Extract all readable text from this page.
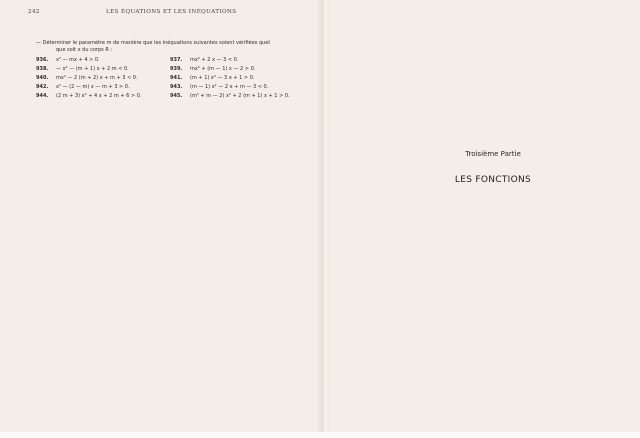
242	LES ÉQUATIONS ET LES INÉQUATIONS
— Déterminer le paramètre m de manière que les inéquations suivantes soient vérifiées quel
que soit x du corps R :
936. x² — mx + 4 > 0.
938. — x² — (m + 1) x + 2 m < 0.
940. mx² — 2 (m + 2) x + m + 3 < 0.
942. x² — (2 — m) x — m + 3 > 0.
944. (2 m + 3) x² + 4 x + 2 m + 6 > 0.
937. mx² + 2 x — 3 < 0.
939. mx² + (m — 1) x — 2 > 0.
941. (m + 1) x² — 3 x + 1 > 0.
943. (m — 1) x² — 2 x + m — 3 < 0.
945. (m² + m — 2) x² + 2 (m + 1) x + 1 > 0.
Troisième Partie
LES FONCTIONS
